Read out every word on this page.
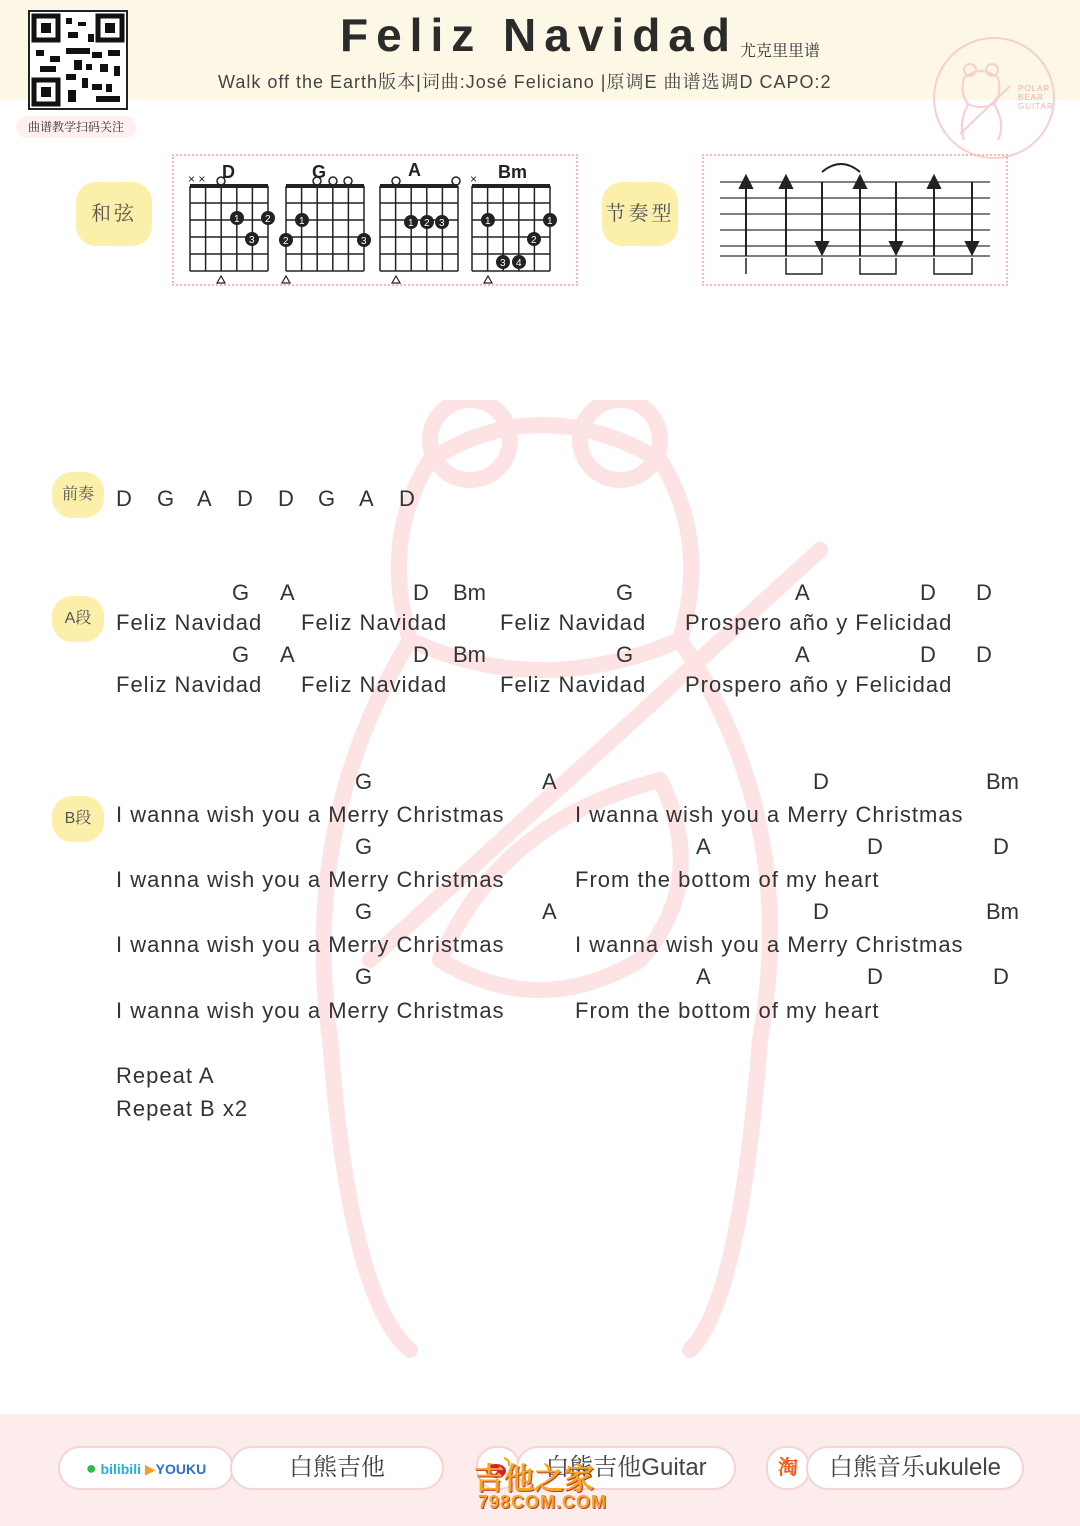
曲谱教学扫码关注
Feliz Navidad 尤克里里谱
Walk off the Earth版本|词曲:José Feliciano |原调E 曲谱选调D CAPO:2	POLAR
BEAR
GUITAR
和弦
× ×
1	2
3
D
1
2	3
G
1 2 3
A	×
1	1
2
3 4
Bm
节奏型
前奏	D G A D D G A D
A段
G A	D Bm	G	A	D D
Feliz Navidad Feliz Navidad Feliz Navidad Prospero año y Felicidad
G A	D Bm	G	A	D D
Feliz Navidad Feliz Navidad Feliz Navidad Prospero año y Felicidad
B段
G	A	D	Bm
I wanna wish you a Merry Christmas	I wanna wish you a Merry Christmas
G	A	D	D
I wanna wish you a Merry Christmas	From the bottom of my heart
G	A	D	Bm
I wanna wish you a Merry Christmas	I wanna wish you a Merry Christmas
G	A	D	D
I wanna wish you a Merry Christmas	From the bottom of my heart
Repeat A
Repeat B x2
● bilibili ▶YOUKU	白熊吉他	白熊吉他Guitar	淘	白熊音乐ukulele
吉他之家
798COM.COM
